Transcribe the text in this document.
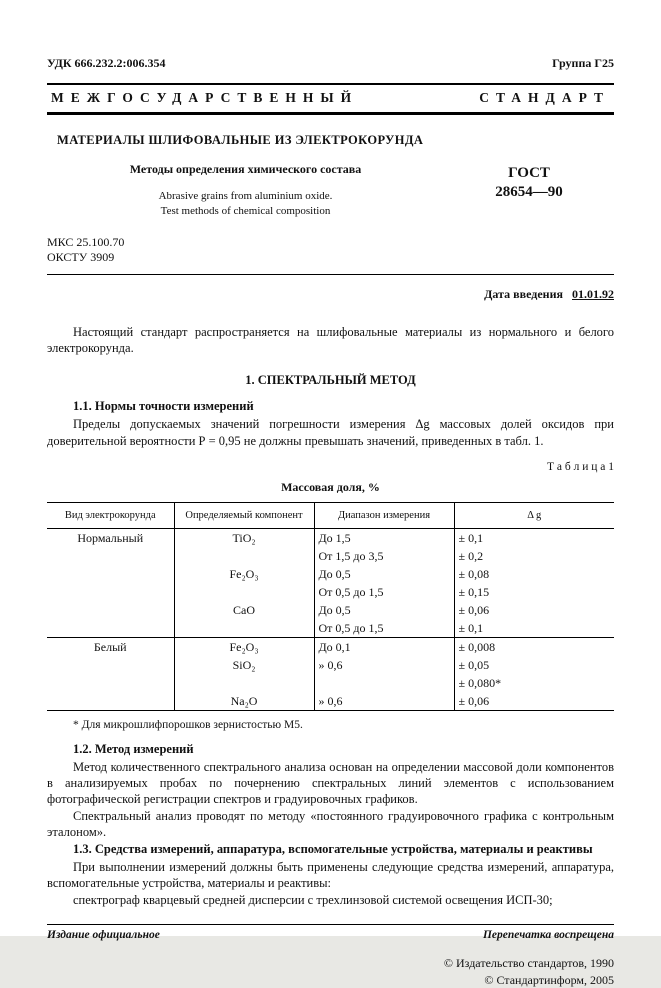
УДК 666.232.2:006.354	Группа Г25
МЕЖГОСУДАРСТВЕННЫЙ	СТАНДАРТ
МАТЕРИАЛЫ ШЛИФОВАЛЬНЫЕ ИЗ ЭЛЕКТРОКОРУНДА
Методы определения химического состава
Abrasive grains from aluminium oxide.
Test methods of chemical composition
ГОСТ
28654—90
МКС 25.100.70
ОКСТУ 3909
Дата введения 01.01.92

Настоящий стандарт распространяется на шлифовальные материалы из нормального и белого электрокорунда.

1. СПЕКТРАЛЬНЫЙ МЕТОД
1.1. Нормы точности измерений

Пределы допускаемых значений погрешности измерения Δg массовых долей оксидов при доверительной вероятности Р = 0,95 не должны превышать значений, приведенных в табл. 1.

Т а б л и ц а 1
Массовая доля, %
Вид электрокорунда	Определяемый компонент	Диапазон измерения	Δ g
Нормальный	TiO₂	До 1,5	± 0,1
		От 1,5 до 3,5	± 0,2
	Fe₂O₃	До 0,5	± 0,08
		От 0,5 до 1,5	± 0,15
	CaO	До 0,5	± 0,06
		От 0,5 до 1,5	± 0,1
Белый	Fe₂O₃	До 0,1	± 0,008
	SiO₂	» 0,6	± 0,05
			± 0,080*
	Na₂O	» 0,6	± 0,06
* Для микрошлифпорошков зернистостью М5.
1.2. Метод измерений

Метод количественного спектрального анализа основан на определении массовой доли компонентов в анализируемых пробах по почернению спектральных линий элементов с использованием фотографической регистрации спектров и градуировочных графиков.

Спектральный анализ проводят по методу «постоянного градуировочного графика с контрольным эталоном».

1.3. Средства измерений, аппаратура, вспомогательные устройства, материалы и реактивы

При выполнении измерений должны быть применены следующие средства измерений, аппаратура, вспомогательные устройства, материалы и реактивы:

спектрограф кварцевый средней дисперсии с трехлинзовой системой освещения ИСП-30;

Издание официальное	Перепечатка воспрещена
© Издательство стандартов, 1990
© Стандартинформ, 2005
